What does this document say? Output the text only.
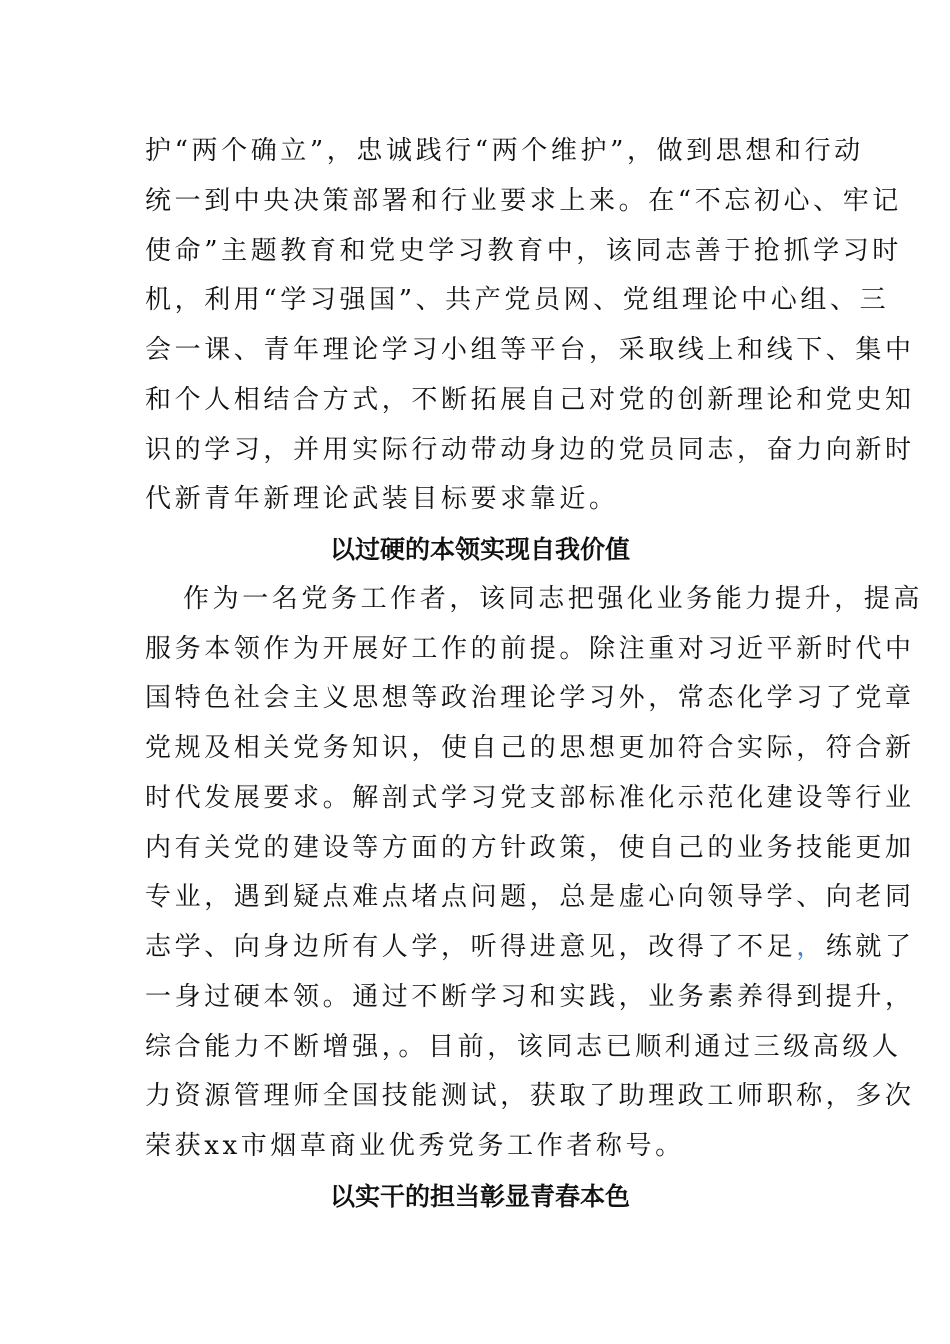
护“两个确立”，忠诚践行“两个维护”，做到思想和行动
统一到中央决策部署和行业要求上来。在“不忘初心、牢记
使命”主题教育和党史学习教育中，该同志善于抢抓学习时
机，利用“学习强国”、共产党员网、党组理论中心组、三
会一课、青年理论学习小组等平台，采取线上和线下、集中
和个人相结合方式，不断拓展自己对党的创新理论和党史知
识的学习，并用实际行动带动身边的党员同志，奋力向新时
代新青年新理论武装目标要求靠近。
以过硬的本领实现自我价值
作为一名党务工作者，该同志把强化业务能力提升，提高
服务本领作为开展好工作的前提。除注重对习近平新时代中
国特色社会主义思想等政治理论学习外，常态化学习了党章
党规及相关党务知识，使自己的思想更加符合实际，符合新
时代发展要求。解剖式学习党支部标准化示范化建设等行业
内有关党的建设等方面的方针政策，使自己的业务技能更加
专业，遇到疑点难点堵点问题，总是虚心向领导学、向老同
志学、向身边所有人学，听得进意见，改得了不足，练就了
一身过硬本领。通过不断学习和实践，业务素养得到提升，
综合能力不断增强，。目前，该同志已顺利通过三级高级人
力资源管理师全国技能测试，获取了助理政工师职称，多次
荣获xx市烟草商业优秀党务工作者称号。
以实干的担当彰显青春本色
